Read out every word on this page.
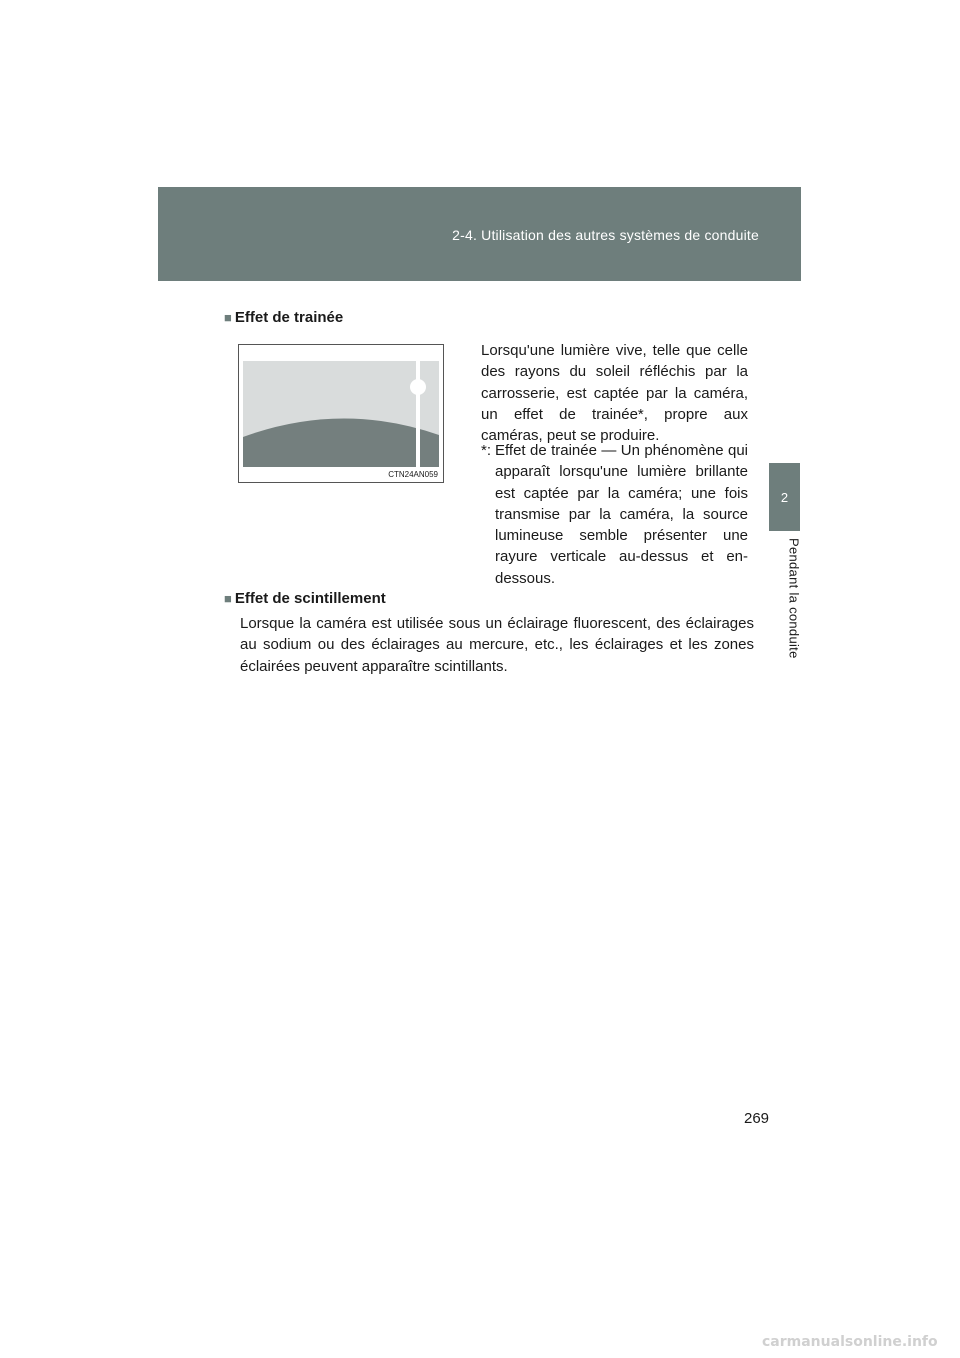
2-4. Utilisation des autres systèmes de conduite
2
Pendant la conduite
■ Effet de trainée
CTN24AN059

Lorsqu'une lumière vive, telle que celle des rayons du soleil réfléchis par la carrosserie, est captée par la caméra, un effet de trainée*, propre aux caméras, peut se produire.

*: Effet de trainée — Un phénomène qui apparaît lorsqu'une lumière brillante est captée par la caméra; une fois transmise par la caméra, la source lumineuse semble présenter une rayure verticale au-dessus et en-dessous.

■ Effet de scintillement

Lorsque la caméra est utilisée sous un éclairage fluorescent, des éclairages au sodium ou des éclairages au mercure, etc., les éclairages et les zones éclairées peuvent apparaître scintillants.

269
carmanualsonline.info
